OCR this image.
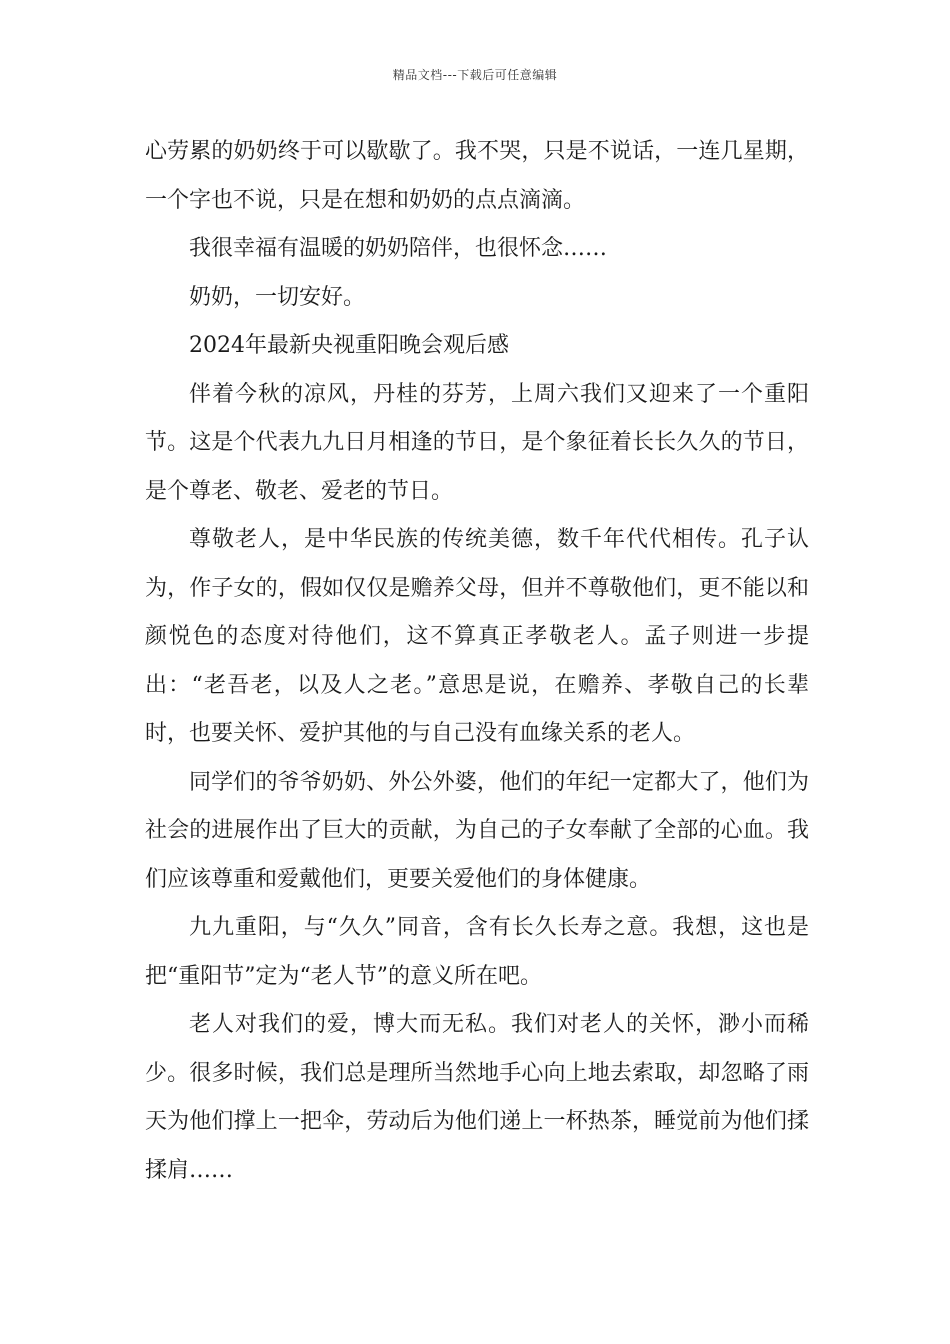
精品文档---下载后可任意编辑

心劳累的奶奶终于可以歇歇了。我不哭，只是不说话，一连几星期，一个字也不说，只是在想和奶奶的点点滴滴。

我很幸福有温暖的奶奶陪伴，也很怀念……

奶奶，一切安好。

2024年最新央视重阳晚会观后感

伴着今秋的凉风，丹桂的芬芳，上周六我们又迎来了一个重阳节。这是个代表九九日月相逢的节日，是个象征着长长久久的节日，是个尊老、敬老、爱老的节日。

尊敬老人，是中华民族的传统美德，数千年代代相传。孔子认为，作子女的，假如仅仅是赡养父母，但并不尊敬他们，更不能以和颜悦色的态度对待他们，这不算真正孝敬老人。孟子则进一步提出：“老吾老，以及人之老。”意思是说，在赡养、孝敬自己的长辈时，也要关怀、爱护其他的与自己没有血缘关系的老人。

同学们的爷爷奶奶、外公外婆，他们的年纪一定都大了，他们为社会的进展作出了巨大的贡献，为自己的子女奉献了全部的心血。我们应该尊重和爱戴他们，更要关爱他们的身体健康。

九九重阳，与“久久”同音，含有长久长寿之意。我想，这也是把“重阳节”定为“老人节”的意义所在吧。

老人对我们的爱，博大而无私。我们对老人的关怀，渺小而稀少。很多时候，我们总是理所当然地手心向上地去索取，却忽略了雨天为他们撑上一把伞，劳动后为他们递上一杯热茶，睡觉前为他们揉揉肩……
